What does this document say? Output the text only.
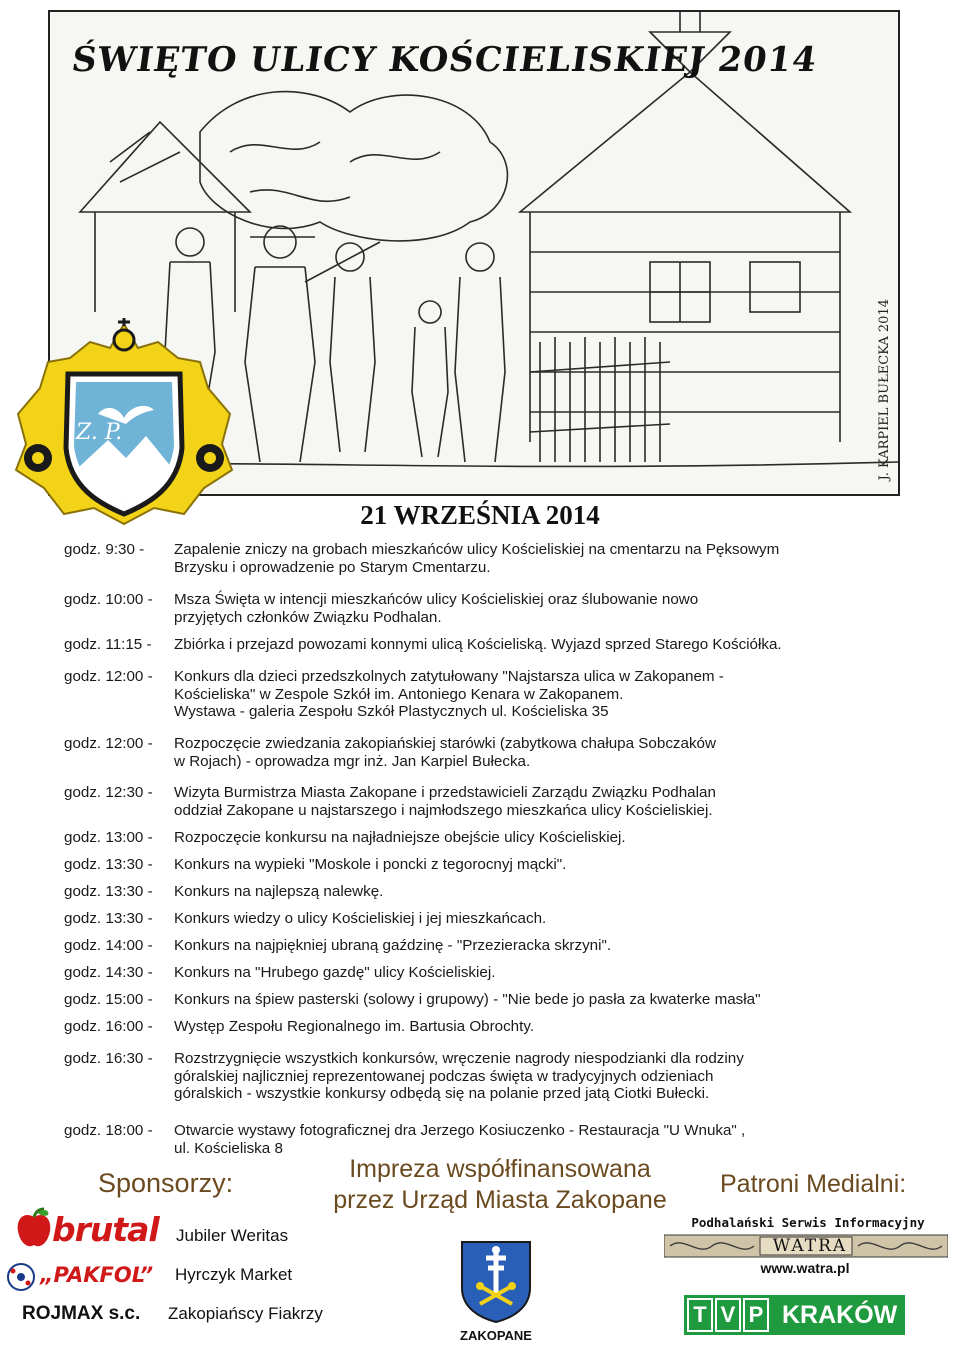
ŚWIĘTO ULICY KOŚCIELISKIEJ 2014
J. KARPIEL BUŁECKA 2014
Z. P.
21 WRZEŚNIA 2014
godz. 9:30 - Zapalenie zniczy na grobach mieszkańców ulicy Kościeliskiej na cmentarzu na Pęksowym
Brzysku i oprowadzenie po Starym Cmentarzu.
godz. 10:00 - Msza Święta w intencji mieszkańców ulicy Kościeliskiej oraz ślubowanie nowo
przyjętych członków Związku Podhalan.
godz. 11:15 - Zbiórka i przejazd powozami konnymi ulicą Kościeliską. Wyjazd sprzed Starego Kościółka.
godz. 12:00 - Konkurs dla dzieci przedszkolnych zatytułowany "Najstarsza ulica w Zakopanem -
Kościeliska" w Zespole Szkół im. Antoniego Kenara w Zakopanem.
Wystawa - galeria Zespołu Szkół Plastycznych ul. Kościeliska 35
godz. 12:00 - Rozpoczęcie zwiedzania zakopiańskiej starówki (zabytkowa chałupa Sobczaków
w Rojach) - oprowadza mgr inż. Jan Karpiel Bułecka.
godz. 12:30 - Wizyta Burmistrza Miasta Zakopane i przedstawicieli Zarządu Związku Podhalan
oddział Zakopane u najstarszego i najmłodszego mieszkańca ulicy Kościeliskiej.
godz. 13:00 - Rozpoczęcie konkursu na najładniejsze obejście ulicy Kościeliskiej.
godz. 13:30 - Konkurs na wypieki "Moskole i poncki z tegorocnyj mącki".
godz. 13:30 - Konkurs na najlepszą nalewkę.
godz. 13:30 - Konkurs wiedzy o ulicy Kościeliskiej i jej mieszkańcach.
godz. 14:00 - Konkurs na najpiękniej ubraną gaździnę - "Przezieracka skrzyni".
godz. 14:30 - Konkurs na "Hrubego gazdę" ulicy Kościeliskiej.
godz. 15:00 - Konkurs na śpiew pasterski (solowy i grupowy) - "Nie bede jo pasła za kwaterke masła"
godz. 16:00 - Występ Zespołu Regionalnego im. Bartusia Obrochty.
godz. 16:30 - Rozstrzygnięcie wszystkich konkursów, wręczenie nagrody niespodzianki dla rodziny
góralskiej najliczniej reprezentowanej podczas święta w tradycyjnych odzieniach
góralskich - wszystkie konkursy odbędą się na polanie przed jatą Ciotki Bułecki.
godz. 18:00 - Otwarcie wystawy fotograficznej dra Jerzego Kosiuczenko - Restauracja "U Wnuka" ,
ul. Kościeliska 8
Sponsorzy:	Impreza współfinansowana
przez Urząd Miasta Zakopane
Patroni Medialni:
brutal
„PAKFOL”
ROJMAX s.c.
Jubiler Weritas
Hyrczyk Market
Zakopiańscy Fiakrzy
ZAKOPANE
Podhalański Serwis Informacyjny
WATRA
www.watra.pl
T V P KRAKÓW
